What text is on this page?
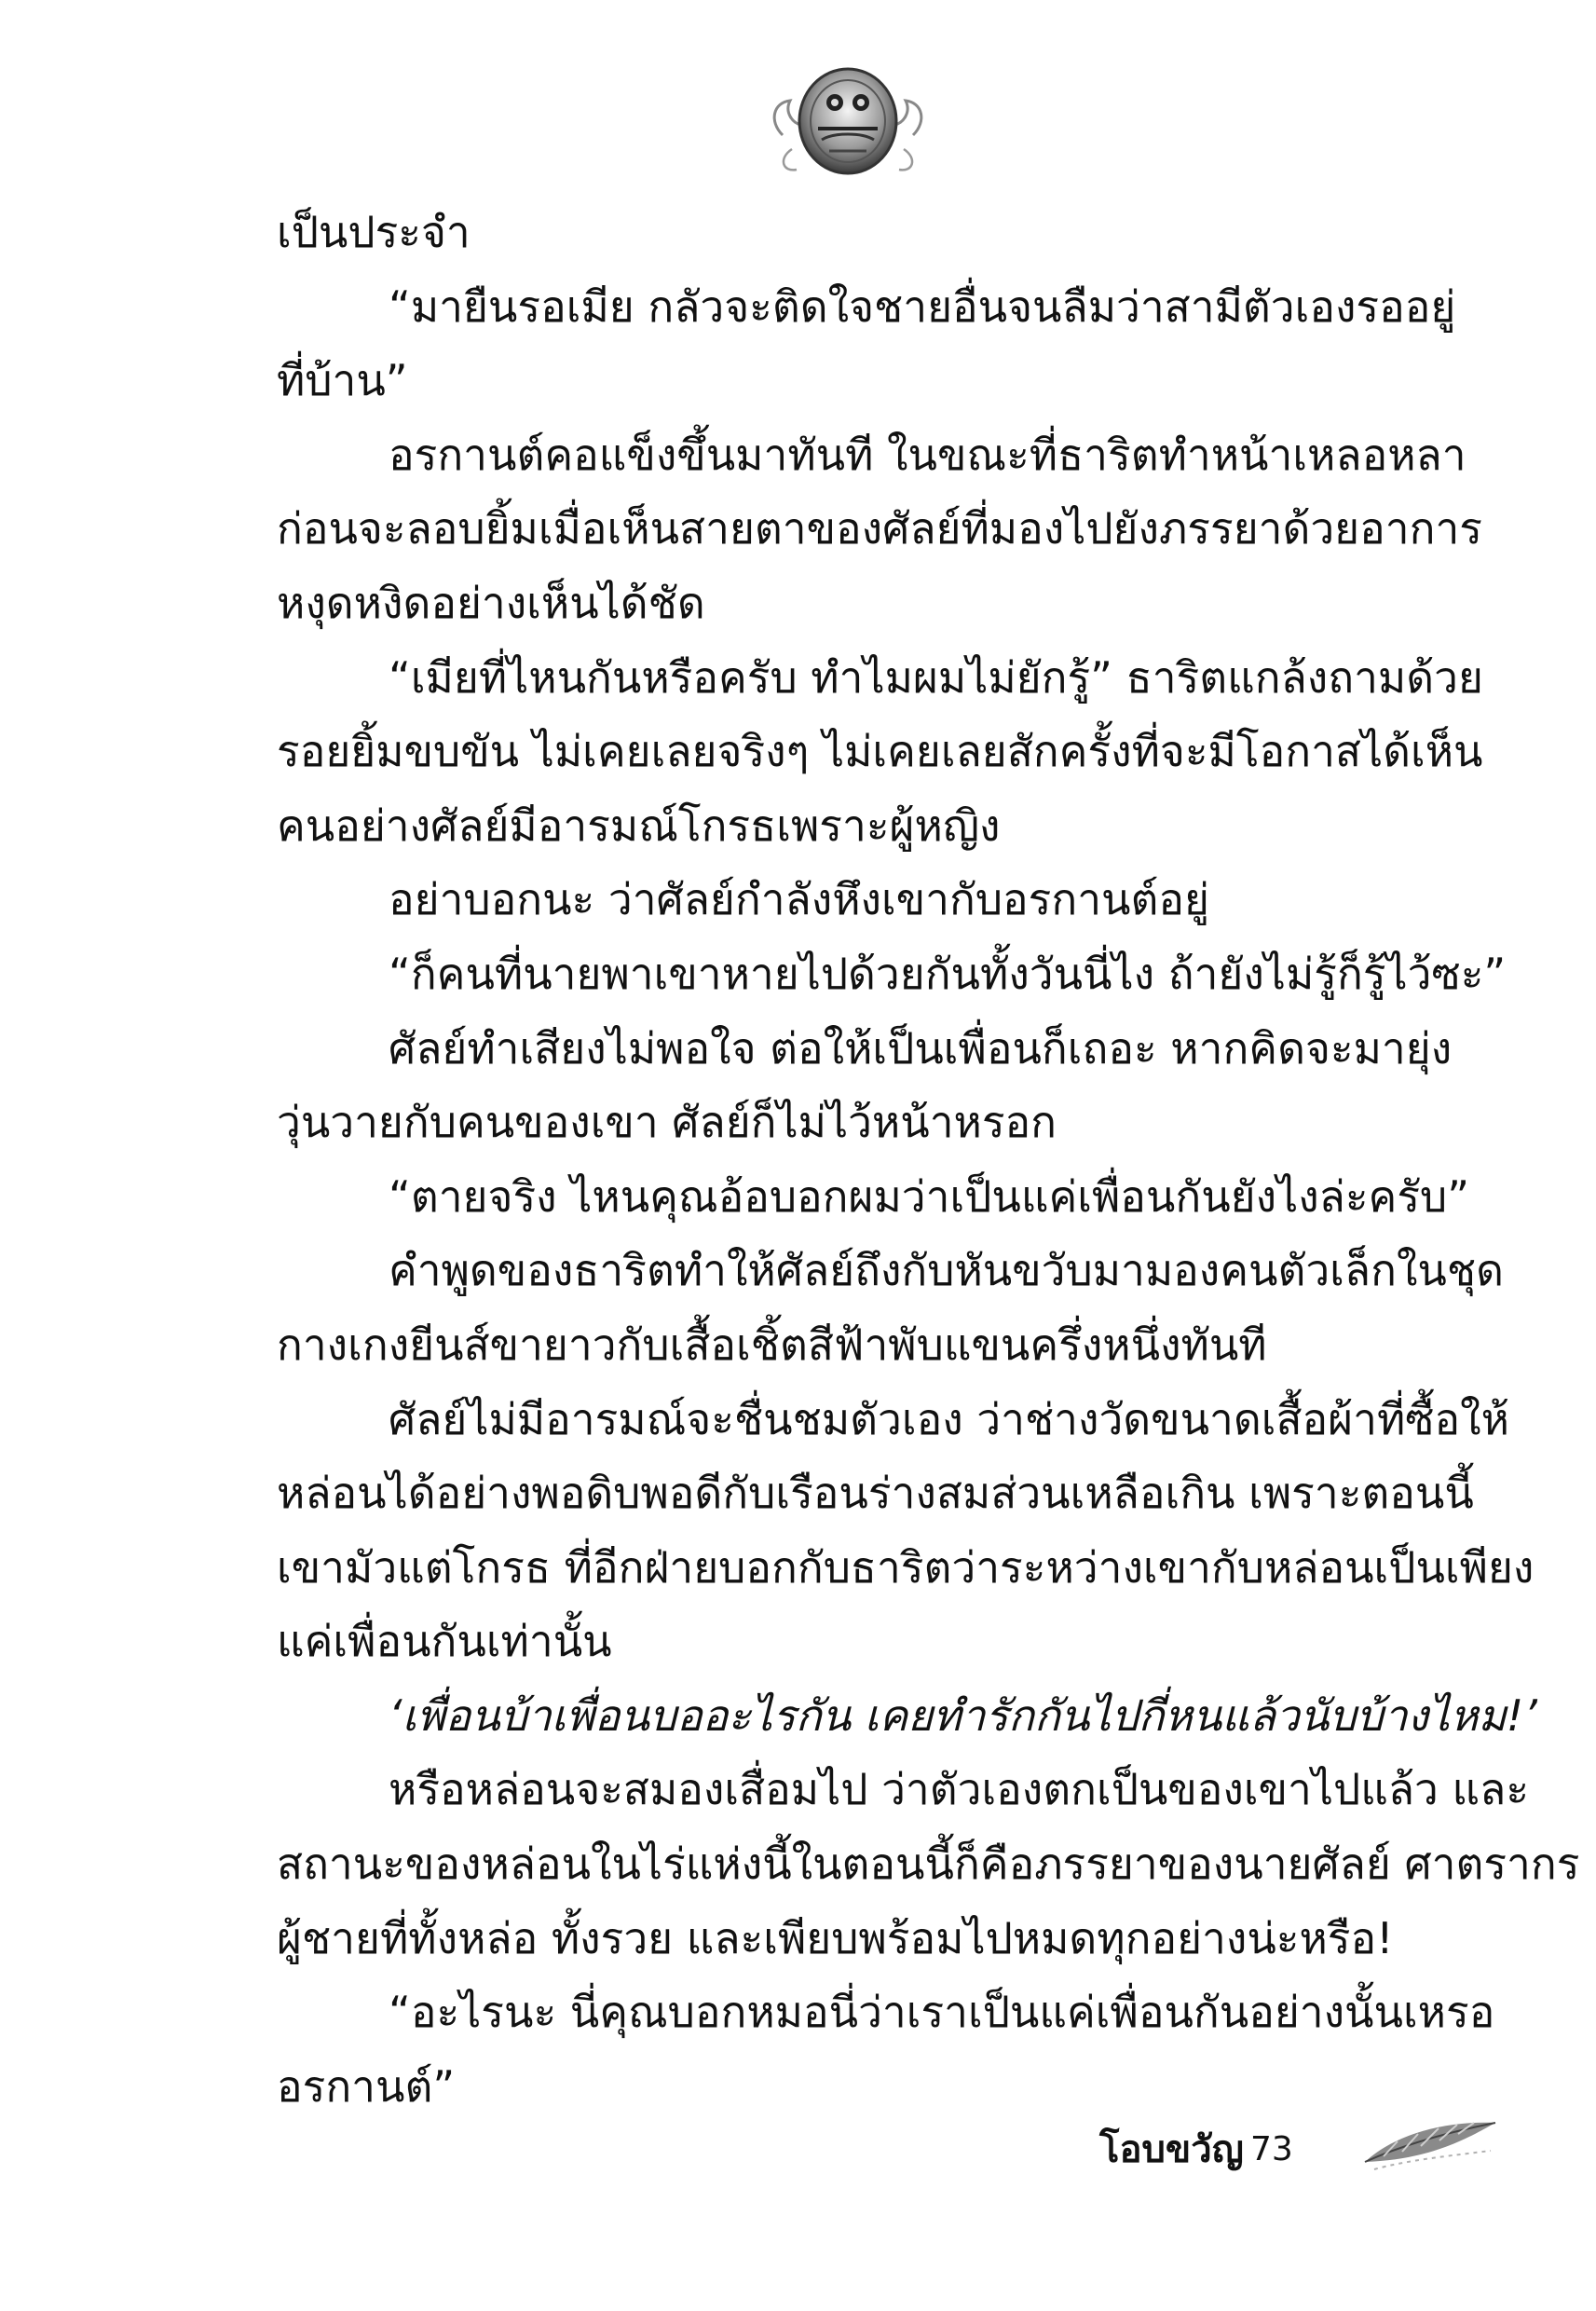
เป็นประจำ
“มายืนรอเมีย กลัวจะติดใจชายอื่นจนลืมว่าสามีตัวเองรออยู่
ที่บ้าน”
อรกานต์คอแข็งขึ้นมาทันที ในขณะที่ธาริตทำหน้าเหลอหลา
ก่อนจะลอบยิ้มเมื่อเห็นสายตาของศัลย์ที่มองไปยังภรรยาด้วยอาการ
หงุดหงิดอย่างเห็นได้ชัด
“เมียที่ไหนกันหรือครับ ทำไมผมไม่ยักรู้” ธาริตแกล้งถามด้วย
รอยยิ้มขบขัน ไม่เคยเลยจริงๆ ไม่เคยเลยสักครั้งที่จะมีโอกาสได้เห็น
คนอย่างศัลย์มีอารมณ์โกรธเพราะผู้หญิง
อย่าบอกนะ ว่าศัลย์กำลังหึงเขากับอรกานต์อยู่
“ก็คนที่นายพาเขาหายไปด้วยกันทั้งวันนี่ไง ถ้ายังไม่รู้ก็รู้ไว้ซะ”
ศัลย์ทำเสียงไม่พอใจ ต่อให้เป็นเพื่อนก็เถอะ หากคิดจะมายุ่ง
วุ่นวายกับคนของเขา ศัลย์ก็ไม่ไว้หน้าหรอก
“ตายจริง ไหนคุณอ้อบอกผมว่าเป็นแค่เพื่อนกันยังไงล่ะครับ”
คำพูดของธาริตทำให้ศัลย์ถึงกับหันขวับมามองคนตัวเล็กในชุด
กางเกงยีนส์ขายาวกับเสื้อเชิ้ตสีฟ้าพับแขนครึ่งหนึ่งทันที
ศัลย์ไม่มีอารมณ์จะชื่นชมตัวเอง ว่าช่างวัดขนาดเสื้อผ้าที่ซื้อให้
หล่อนได้อย่างพอดิบพอดีกับเรือนร่างสมส่วนเหลือเกิน เพราะตอนนี้
เขามัวแต่โกรธ ที่อีกฝ่ายบอกกับธาริตว่าระหว่างเขากับหล่อนเป็นเพียง
แค่เพื่อนกันเท่านั้น
‘เพื่อนบ้าเพื่อนบออะไรกัน เคยทำรักกันไปกี่หนแล้วนับบ้างไหม!’
หรือหล่อนจะสมองเสื่อมไป ว่าตัวเองตกเป็นของเขาไปแล้ว และ
สถานะของหล่อนในไร่แห่งนี้ในตอนนี้ก็คือภรรยาของนายศัลย์ ศาตรากร
ผู้ชายที่ทั้งหล่อ ทั้งรวย และเพียบพร้อมไปหมดทุกอย่างน่ะหรือ!
“อะไรนะ นี่คุณบอกหมอนี่ว่าเราเป็นแค่เพื่อนกันอย่างนั้นเหรอ
อรกานต์”
โอบขวัญ 73
